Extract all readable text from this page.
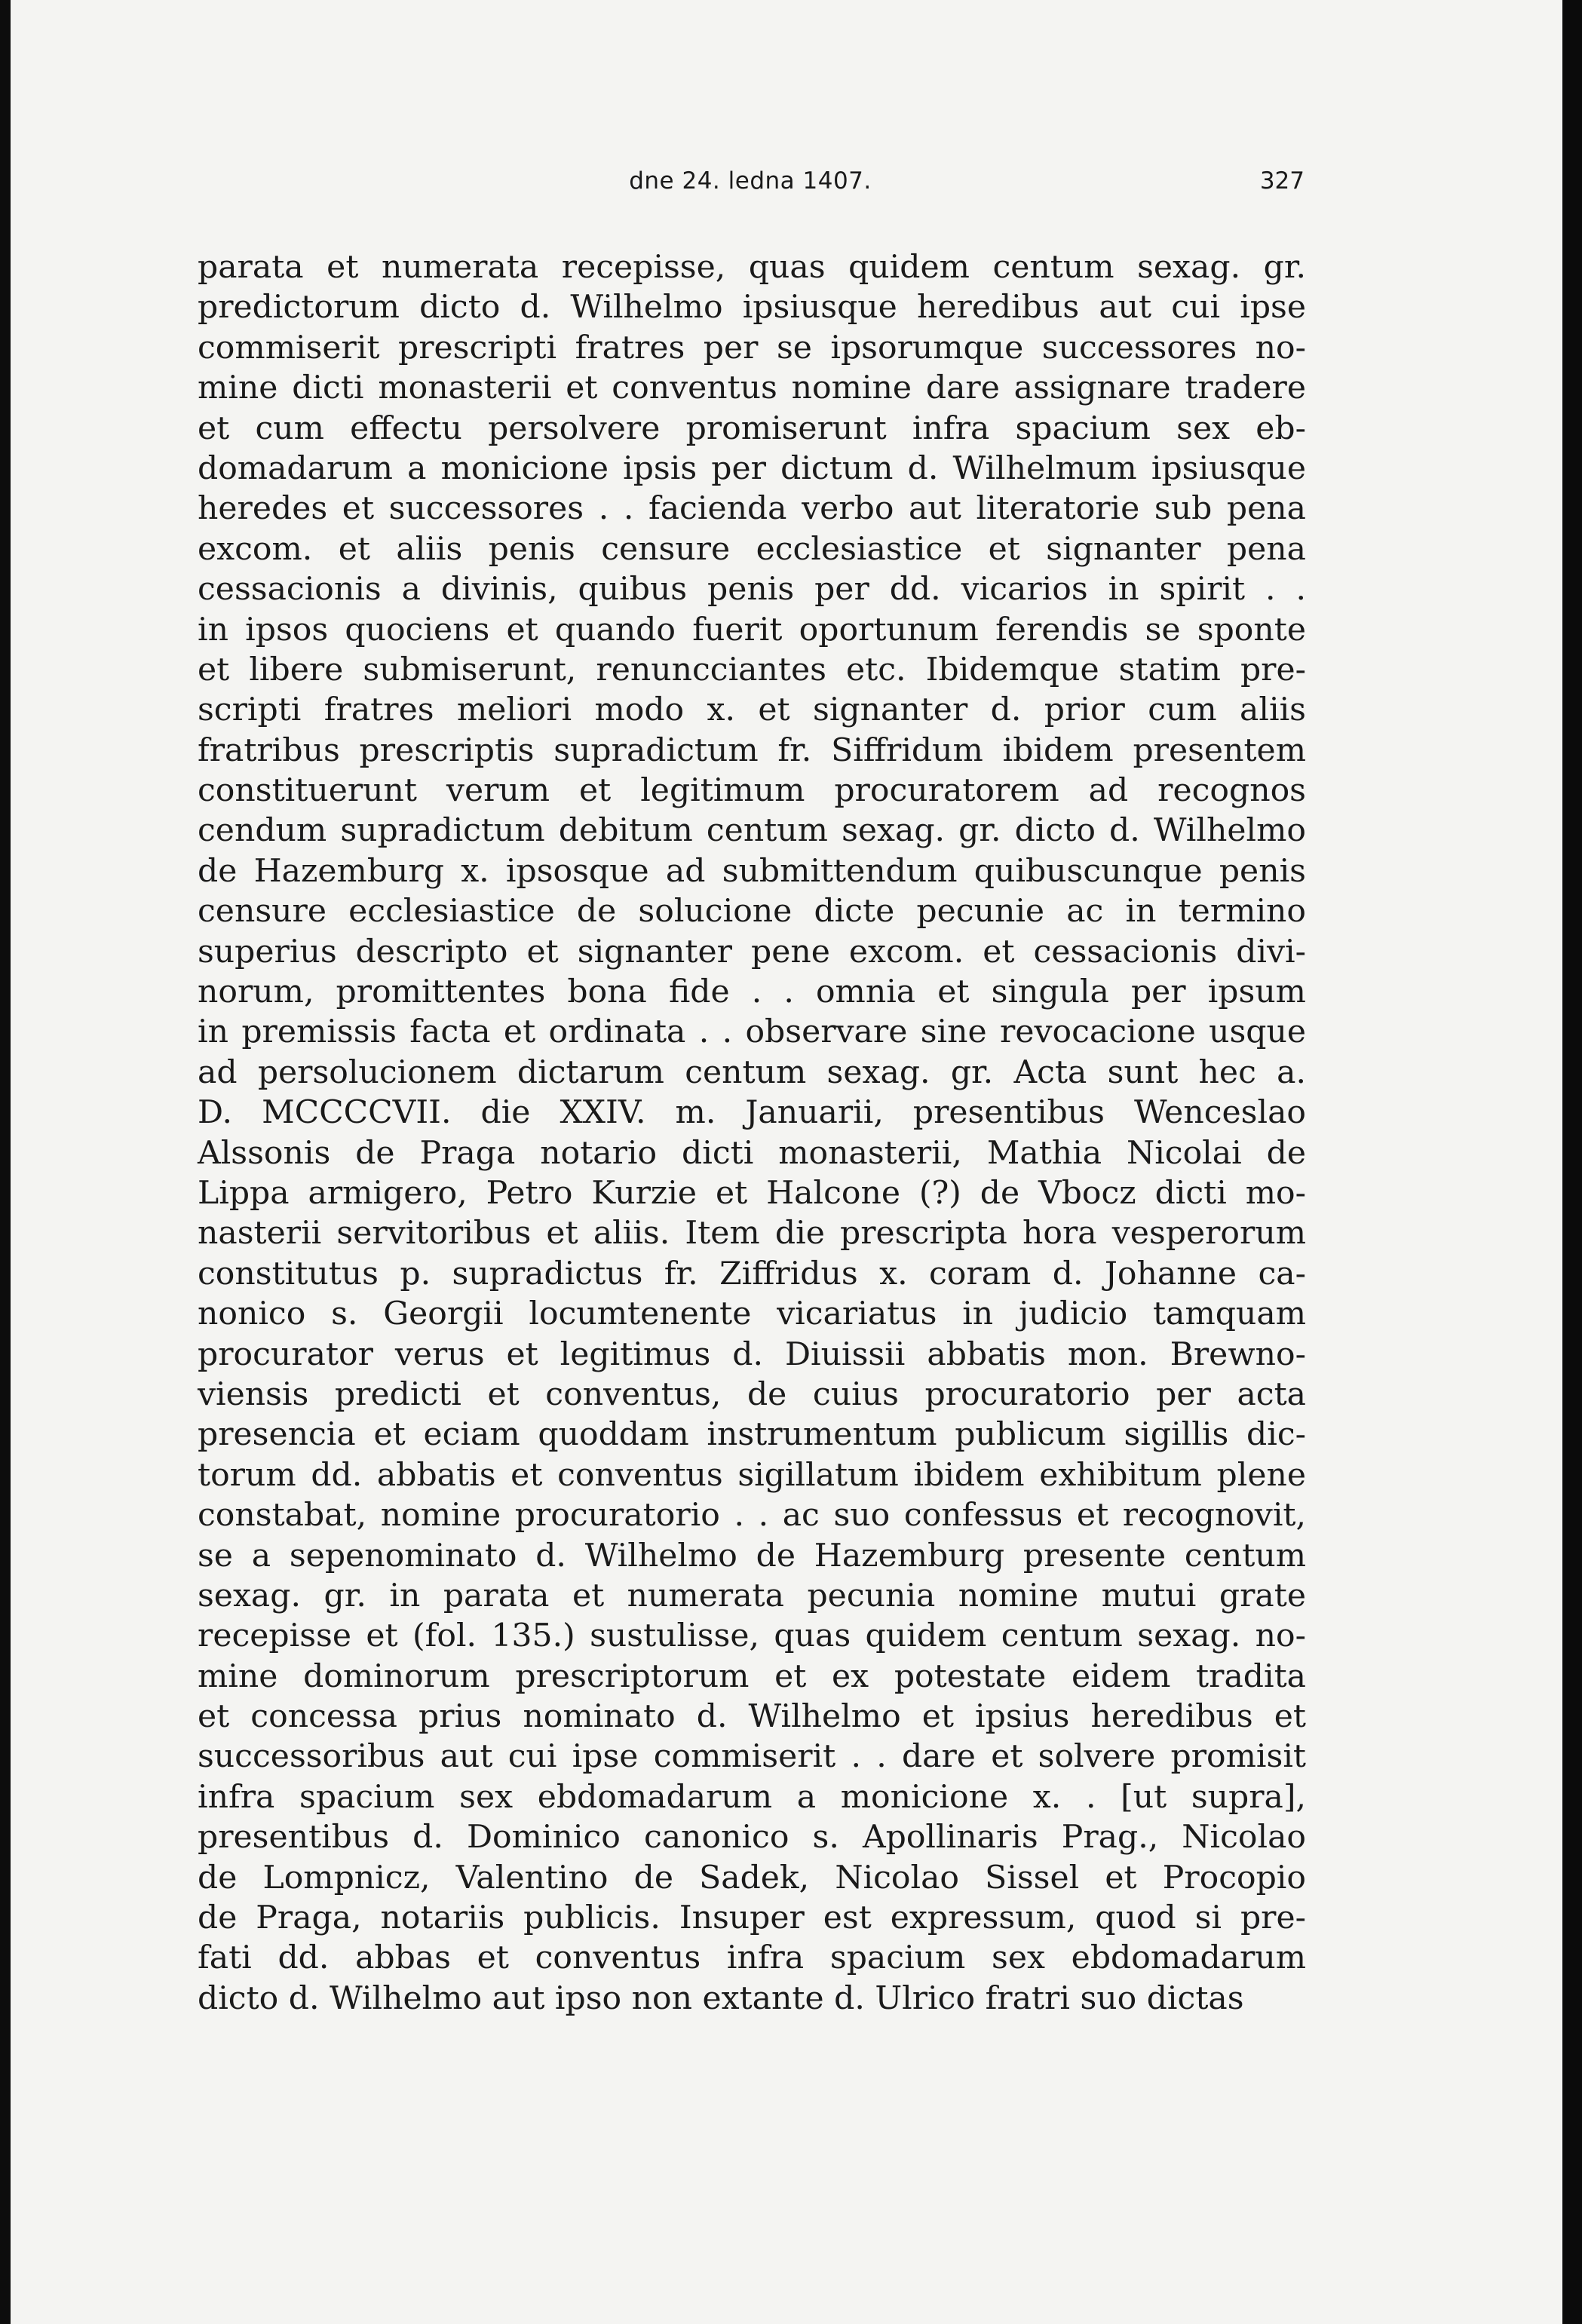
dne 24. ledna 1407.	327
parata et numerata recepisse, quas quidem centum sexag. gr.
predictorum dicto d. Wilhelmo ipsiusque heredibus aut cui ipse
commiserit prescripti fratres per se ipsorumque successores no-
mine dicti monasterii et conventus nomine dare assignare tradere
et cum effectu persolvere promiserunt infra spacium sex eb-
domadarum a monicione ipsis per dictum d. Wilhelmum ipsiusque
heredes et successores . . facienda verbo aut literatorie sub pena
excom. et aliis penis censure ecclesiastice et signanter pena
cessacionis a divinis, quibus penis per dd. vicarios in spirit . .
in ipsos quociens et quando fuerit oportunum ferendis se sponte
et libere submiserunt, renuncciantes etc. Ibidemque statim pre-
scripti fratres meliori modo x. et signanter d. prior cum aliis
fratribus prescriptis supradictum fr. Siffridum ibidem presentem
constituerunt verum et legitimum procuratorem ad recognos
cendum supradictum debitum centum sexag. gr. dicto d. Wilhelmo
de Hazemburg x. ipsosque ad submittendum quibuscunque penis
censure ecclesiastice de solucione dicte pecunie ac in termino
superius descripto et signanter pene excom. et cessacionis divi-
norum, promittentes bona fide . . omnia et singula per ipsum
in premissis facta et ordinata . . observare sine revocacione usque
ad persolucionem dictarum centum sexag. gr. Acta sunt hec a.
D. MCCCCVII. die XXIV. m. Januarii, presentibus Wenceslao
Alssonis de Praga notario dicti monasterii, Mathia Nicolai de
Lippa armigero, Petro Kurzie et Halcone (?) de Vbocz dicti mo-
nasterii servitoribus et aliis. Item die prescripta hora vesperorum
constitutus p. supradictus fr. Ziffridus x. coram d. Johanne ca-
nonico s. Georgii locumtenente vicariatus in judicio tamquam
procurator verus et legitimus d. Diuissii abbatis mon. Brewno-
viensis predicti et conventus, de cuius procuratorio per acta
presencia et eciam quoddam instrumentum publicum sigillis dic-
torum dd. abbatis et conventus sigillatum ibidem exhibitum plene
constabat, nomine procuratorio . . ac suo confessus et recognovit,
se a sepenominato d. Wilhelmo de Hazemburg presente centum
sexag. gr. in parata et numerata pecunia nomine mutui grate
recepisse et (fol. 135.) sustulisse, quas quidem centum sexag. no-
mine dominorum prescriptorum et ex potestate eidem tradita
et concessa prius nominato d. Wilhelmo et ipsius heredibus et
successoribus aut cui ipse commiserit . . dare et solvere promisit
infra spacium sex ebdomadarum a monicione x. . [ut supra],
presentibus d. Dominico canonico s. Apollinaris Prag., Nicolao
de Lompnicz, Valentino de Sadek, Nicolao Sissel et Procopio
de Praga, notariis publicis. Insuper est expressum, quod si pre-
fati dd. abbas et conventus infra spacium sex ebdomadarum
dicto d. Wilhelmo aut ipso non extante d. Ulrico fratri suo dictas
